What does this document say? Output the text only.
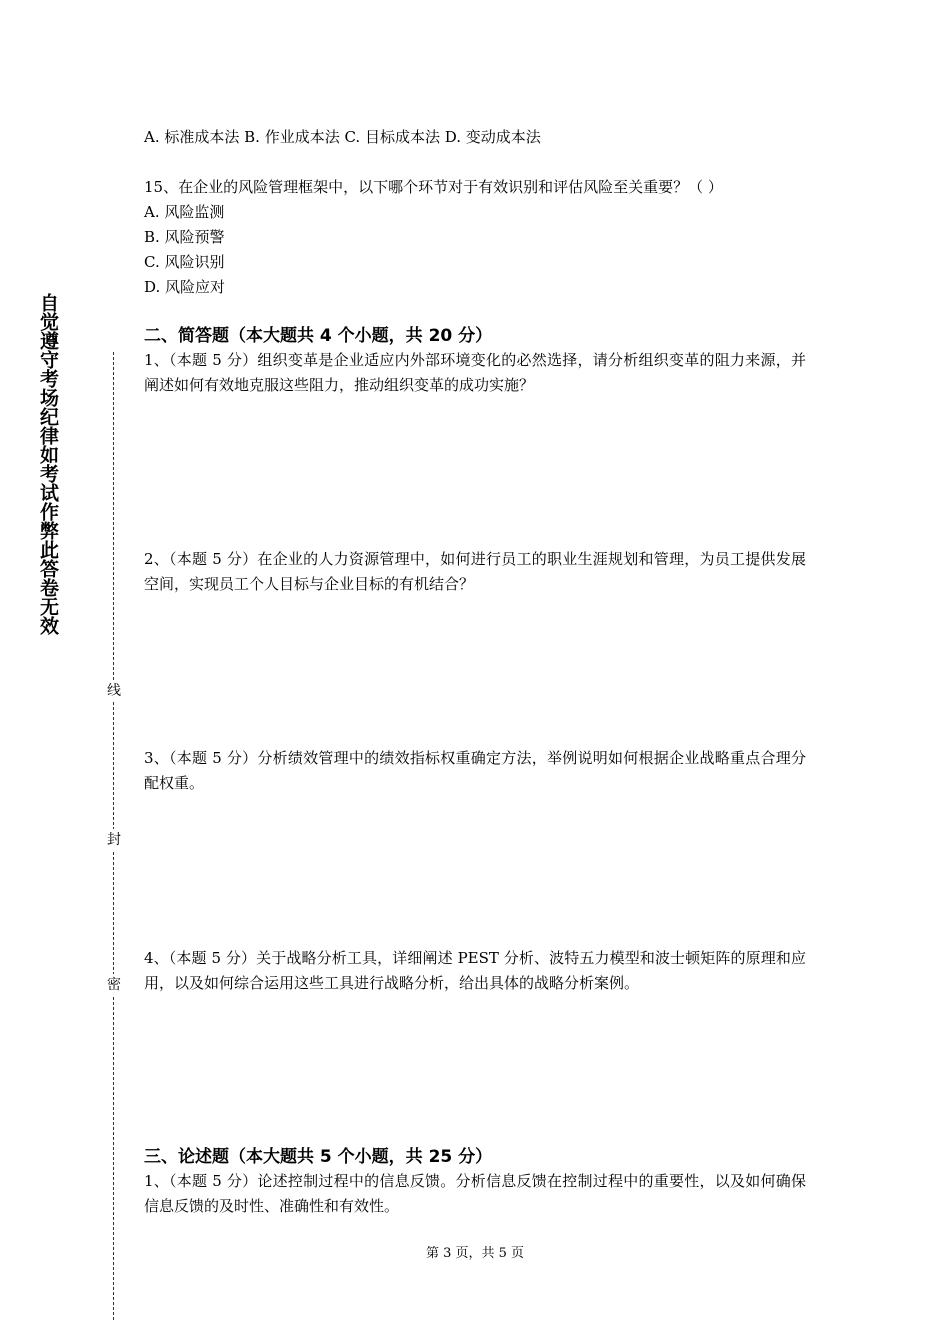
自觉遵守考场纪律如考试作弊此答卷无效
线
封
密
A. 标准成本法 B. 作业成本法 C. 目标成本法 D. 变动成本法
15、在企业的风险管理框架中，以下哪个环节对于有效识别和评估风险至关重要？（ ）
A. 风险监测
B. 风险预警
C. 风险识别
D. 风险应对
二、简答题（本大题共 4 个小题，共 20 分）
1、（本题 5 分）组织变革是企业适应内外部环境变化的必然选择，请分析组织变革的阻力来源，并阐述如何有效地克服这些阻力，推动组织变革的成功实施？
2、（本题 5 分）在企业的人力资源管理中，如何进行员工的职业生涯规划和管理，为员工提供发展空间，实现员工个人目标与企业目标的有机结合？
3、（本题 5 分）分析绩效管理中的绩效指标权重确定方法，举例说明如何根据企业战略重点合理分配权重。
4、（本题 5 分）关于战略分析工具，详细阐述 PEST 分析、波特五力模型和波士顿矩阵的原理和应用，以及如何综合运用这些工具进行战略分析，给出具体的战略分析案例。
三、论述题（本大题共 5 个小题，共 25 分）
1、（本题 5 分）论述控制过程中的信息反馈。分析信息反馈在控制过程中的重要性，以及如何确保信息反馈的及时性、准确性和有效性。
第 3 页，共 5 页
